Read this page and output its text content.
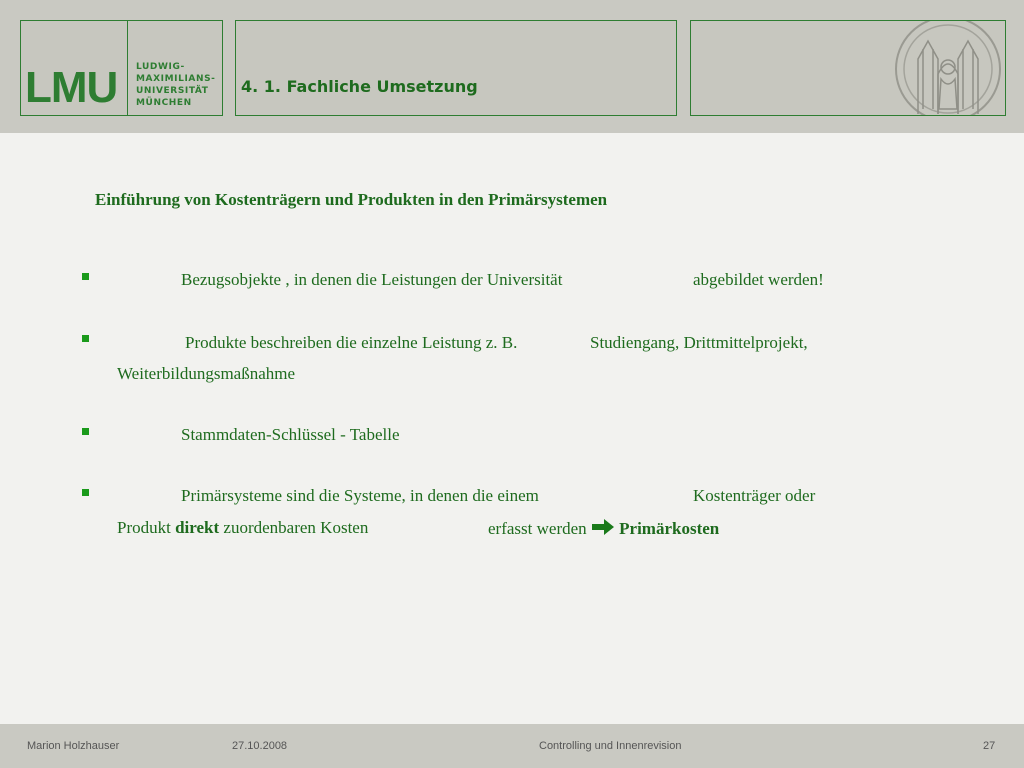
LMU LUDWIG-
MAXIMILIANS-
UNIVERSITÄT
MÜNCHEN
4. 1. Fachliche Umsetzung
Einführung von Kostenträgern und Produkten in den Primärsystemen
Bezugsobjekte , in denen die Leistungen der Universität	abgebildet werden!
Produkte beschreiben die einzelne Leistung z. B.	Studiengang, Drittmittelprojekt,
Weiterbildungsmaßnahme
Stammdaten-Schlüssel - Tabelle
Primärsysteme sind die Systeme, in denen die einem	Kostenträger oder
Produkt direkt zuordenbaren Kosten	erfasst werden Primärkosten
Marion Holzhauser	27.10.2008	Controlling und Innenrevision	27
